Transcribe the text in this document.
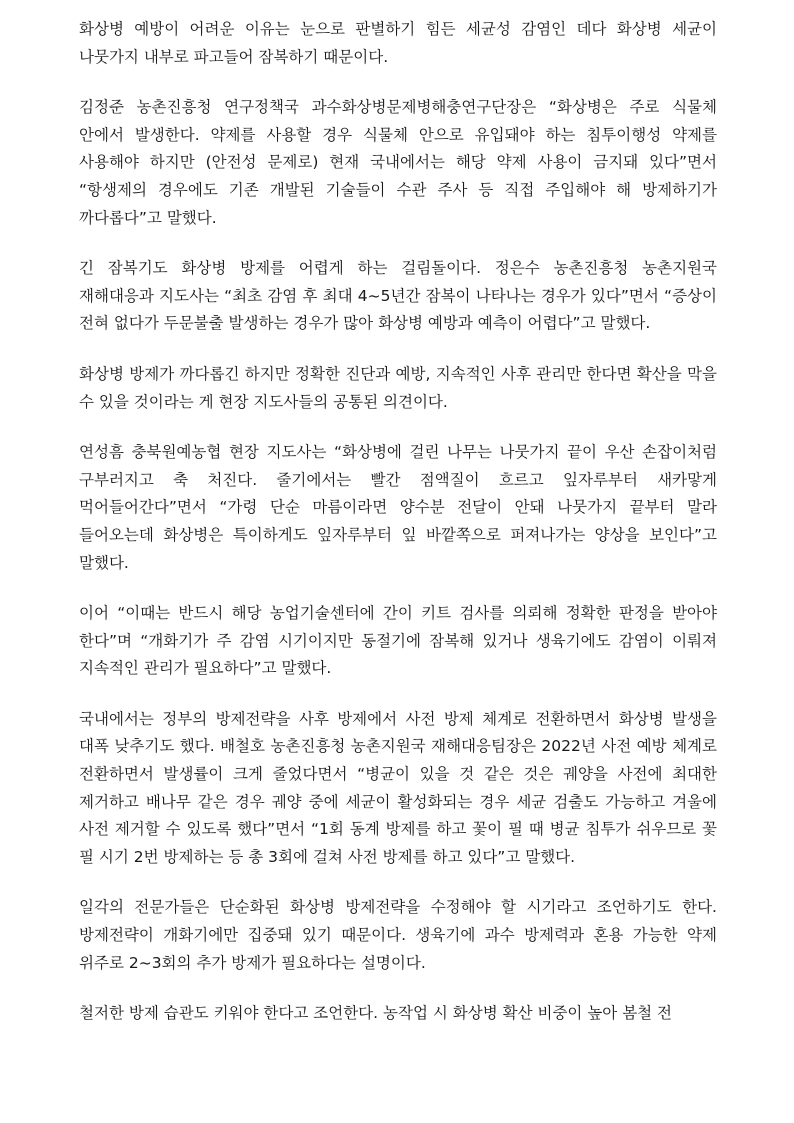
화상병 예방이 어려운 이유는 눈으로 판별하기 힘든 세균성 감염인 데다 화상병 세균이 나뭇가지 내부로 파고들어 잠복하기 때문이다.

김정준 농촌진흥청 연구정책국 과수화상병문제병해충연구단장은 “화상병은 주로 식물체 안에서 발생한다. 약제를 사용할 경우 식물체 안으로 유입돼야 하는 침투이행성 약제를 사용해야 하지만 (안전성 문제로) 현재 국내에서는 해당 약제 사용이 금지돼 있다”면서 “항생제의 경우에도 기존 개발된 기술들이 수관 주사 등 직접 주입해야 해 방제하기가 까다롭다”고 말했다.

긴 잠복기도 화상병 방제를 어렵게 하는 걸림돌이다. 정은수 농촌진흥청 농촌지원국 재해대응과 지도사는 “최초 감염 후 최대 4~5년간 잠복이 나타나는 경우가 있다”면서 “증상이 전혀 없다가 두문불출 발생하는 경우가 많아 화상병 예방과 예측이 어렵다”고 말했다.

화상병 방제가 까다롭긴 하지만 정확한 진단과 예방, 지속적인 사후 관리만 한다면 확산을 막을 수 있을 것이라는 게 현장 지도사들의 공통된 의견이다.

연성흠 충북원예농협 현장 지도사는 “화상병에 걸린 나무는 나뭇가지 끝이 우산 손잡이처럼 구부러지고 축 처진다. 줄기에서는 빨간 점액질이 흐르고 잎자루부터 새카맣게 먹어들어간다”면서 “가령 단순 마름이라면 양수분 전달이 안돼 나뭇가지 끝부터 말라 들어오는데 화상병은 특이하게도 잎자루부터 잎 바깥쪽으로 퍼져나가는 양상을 보인다”고 말했다.

이어 “이때는 반드시 해당 농업기술센터에 간이 키트 검사를 의뢰해 정확한 판정을 받아야 한다”며 “개화기가 주 감염 시기이지만 동절기에 잠복해 있거나 생육기에도 감염이 이뤄져 지속적인 관리가 필요하다”고 말했다.

국내에서는 정부의 방제전략을 사후 방제에서 사전 방제 체계로 전환하면서 화상병 발생을 대폭 낮추기도 했다. 배철호 농촌진흥청 농촌지원국 재해대응팀장은 2022년 사전 예방 체계로 전환하면서 발생률이 크게 줄었다면서 “병균이 있을 것 같은 것은 궤양을 사전에 최대한 제거하고 배나무 같은 경우 궤양 중에 세균이 활성화되는 경우 세균 검출도 가능하고 겨울에 사전 제거할 수 있도록 했다”면서 “1회 동계 방제를 하고 꽃이 필 때 병균 침투가 쉬우므로 꽃 필 시기 2번 방제하는 등 총 3회에 걸쳐 사전 방제를 하고 있다”고 말했다.

일각의 전문가들은 단순화된 화상병 방제전략을 수정해야 할 시기라고 조언하기도 한다. 방제전략이 개화기에만 집중돼 있기 때문이다. 생육기에 과수 방제력과 혼용 가능한 약제 위주로 2~3회의 추가 방제가 필요하다는 설명이다.

철저한 방제 습관도 키워야 한다고 조언한다. 농작업 시 화상병 확산 비중이 높아 봄철 전
